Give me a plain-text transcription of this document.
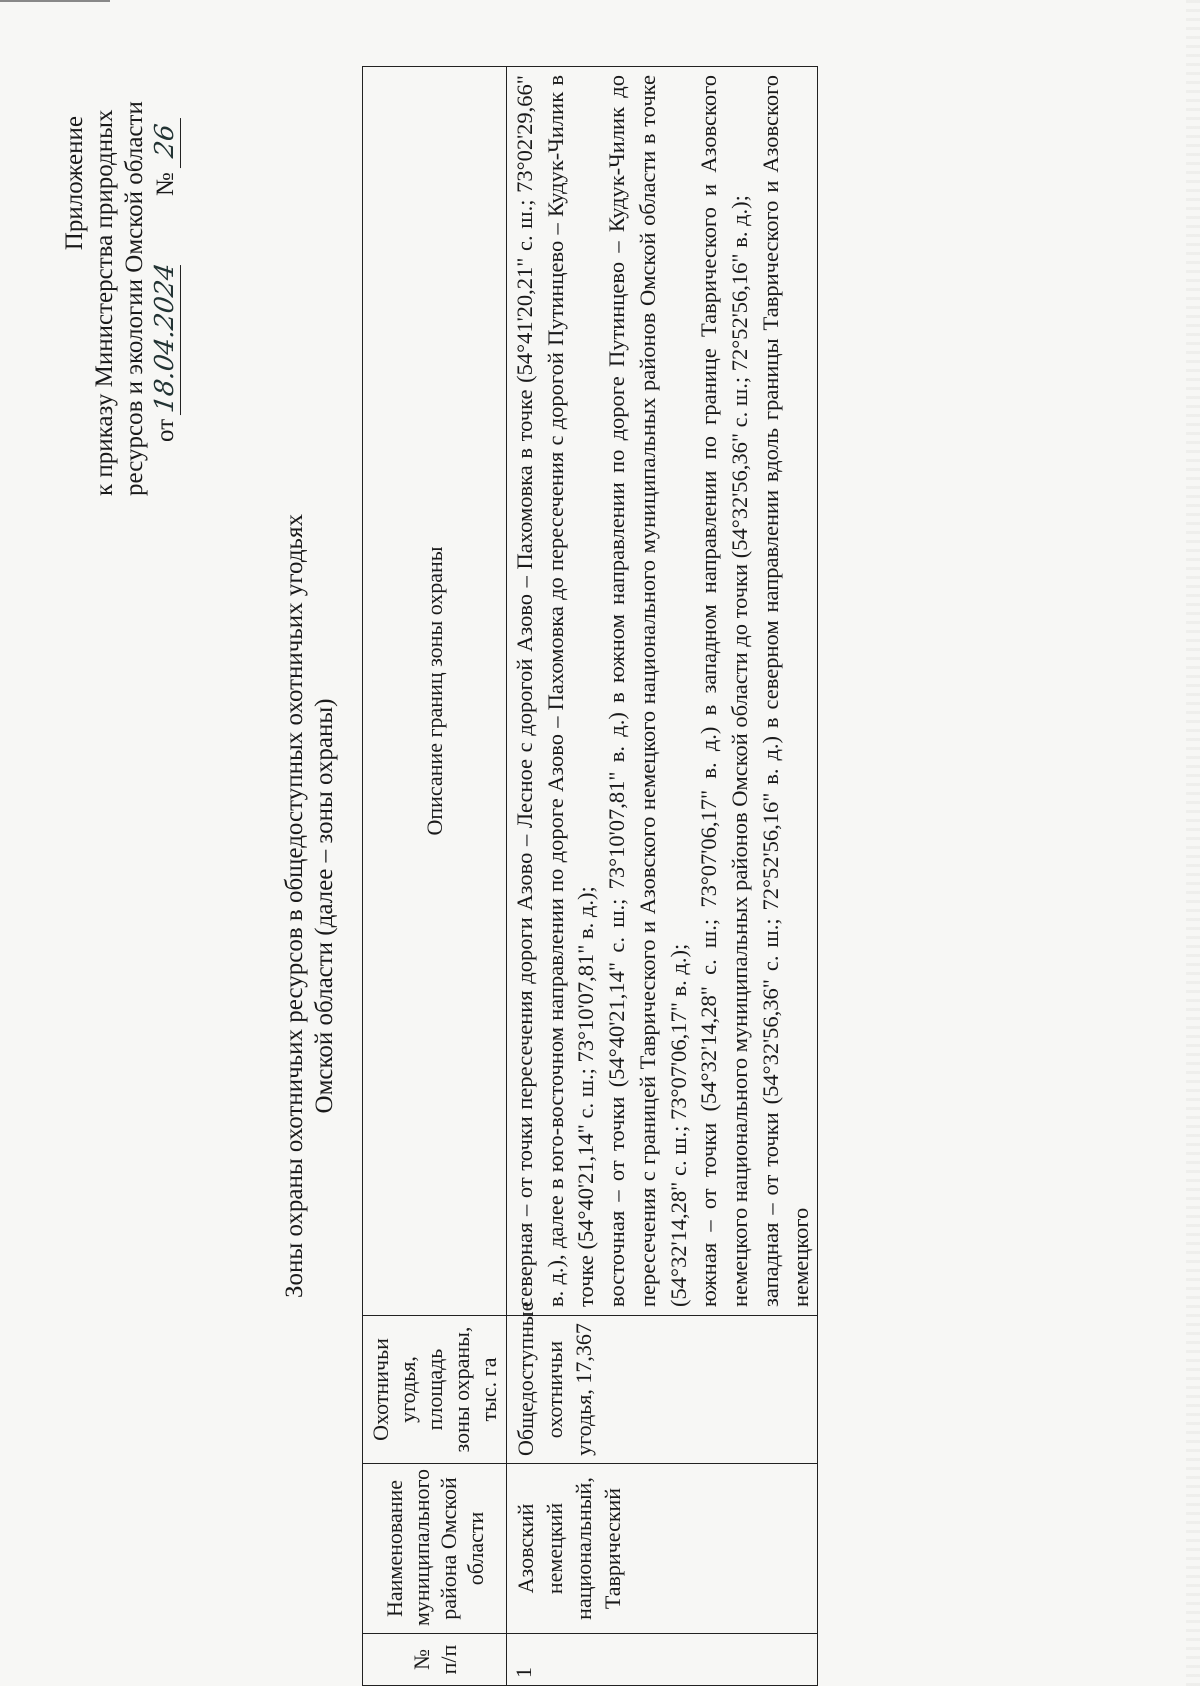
Приложение к приказу Министерства природных ресурсов и экологии Омской области от 18.04.2024  № 26
Зоны охраны охотничьих ресурсов в общедоступных охотничьих угодьях Омской области (далее – зоны охраны)
№ п/п	Наименование муниципального района Омской области	Охотничьи угодья, площадь зоны охраны, тыс. га	Описание границ зоны охраны
1	Азовский немецкий национальный, Таврический	Общедоступные охотничьи угодья, 17,367	северная – от точки пересечения дороги Азово – Лесное с дорогой Азово – Пахомовка в точке (54°41'20,21" с. ш.; 73°02'29,66" в. д.), далее в юго-восточном направлении по дороге Азово – Пахомовка до пересечения с дорогой Путинцево – Кудук-Чилик в точке (54°40'21,14" с. ш.; 73°10'07,81" в. д.); восточная – от точки (54°40'21,14" с. ш.; 73°10'07,81" в. д.) в южном направлении по дороге Путинцево – Кудук-Чилик до пересечения с границей Таврического и Азовского немецкого национального муниципальных районов Омской области в точке (54°32'14,28" с. ш.; 73°07'06,17" в. д.); южная – от точки (54°32'14,28" с. ш.; 73°07'06,17" в. д.) в западном направлении по границе Таврического и Азовского немецкого национального муниципальных районов Омской области до точки (54°32'56,36" с. ш.; 72°52'56,16" в. д.); западная – от точки (54°32'56,36" с. ш.; 72°52'56,16" в. д.) в северном направлении вдоль границы Таврического и Азовского немецкого
